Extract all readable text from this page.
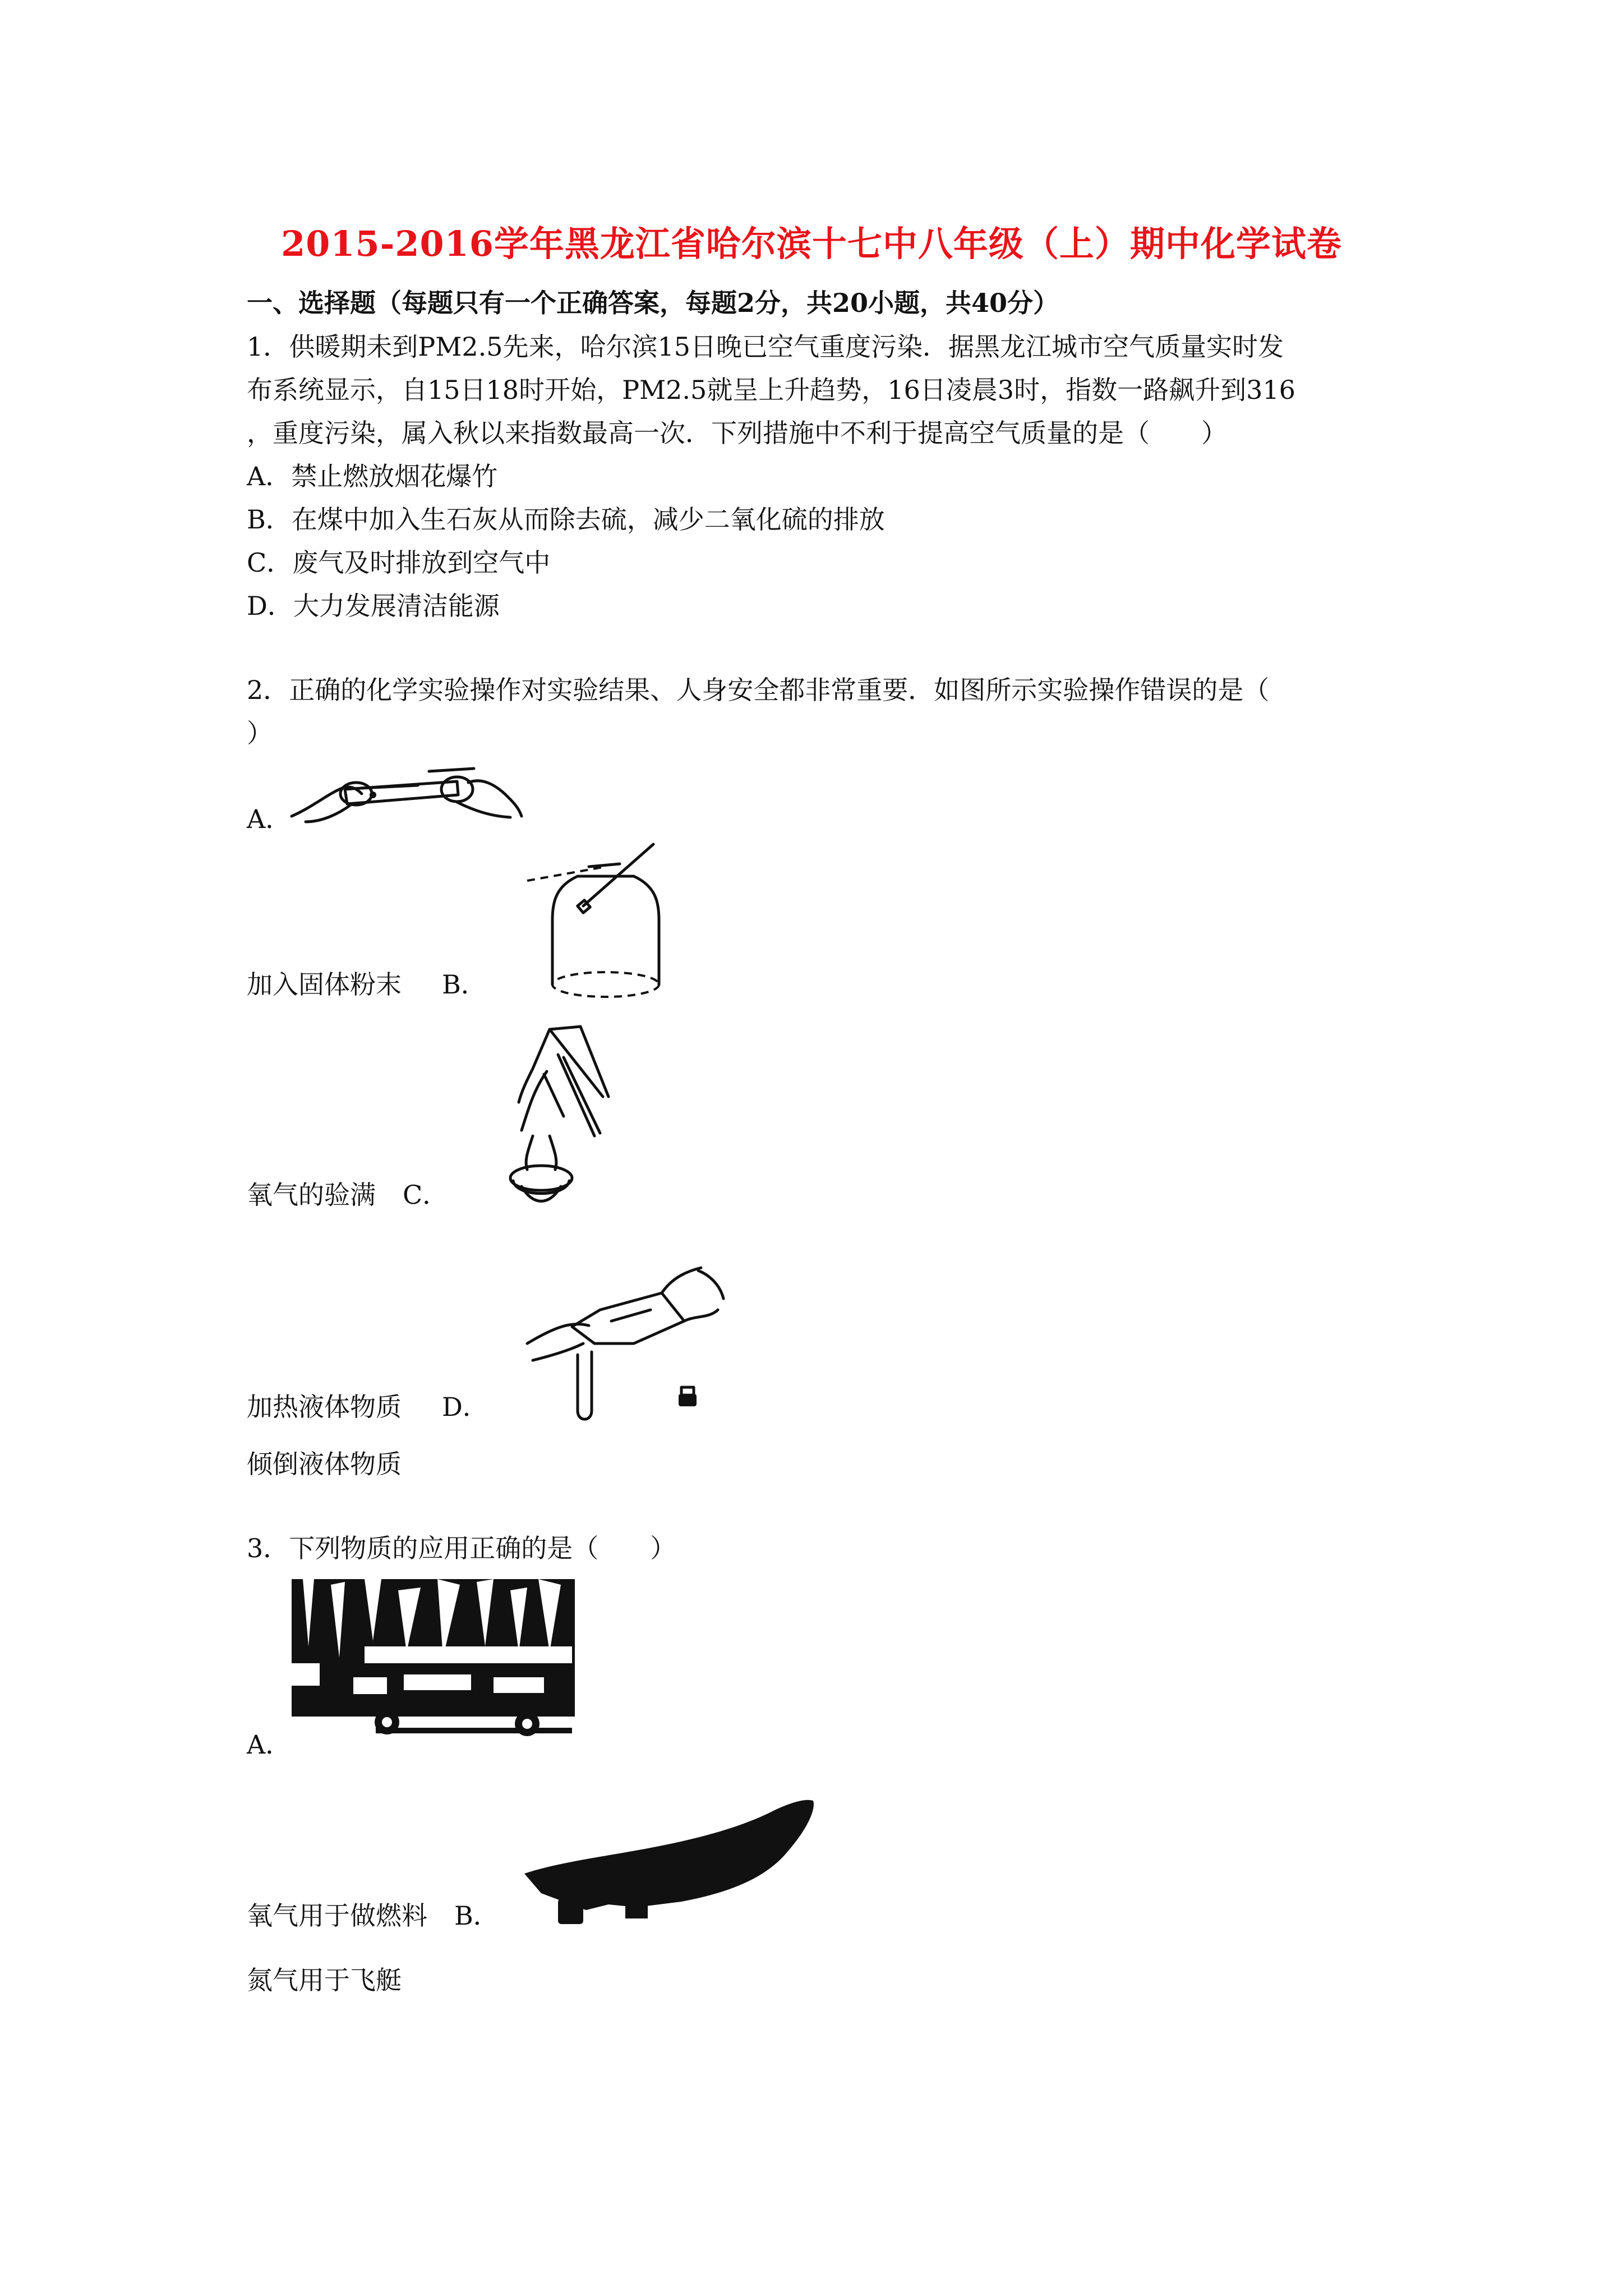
2015-2016学年黑龙江省哈尔滨十七中八年级（上）期中化学试卷
一、选择题（每题只有一个正确答案，每题2分，共20小题，共40分）
1．供暖期未到PM2.5先来，哈尔滨15日晚已空气重度污染．据黑龙江城市空气质量实时发
布系统显示，自15日18时开始，PM2.5就呈上升趋势，16日凌晨3时，指数一路飙升到316
，重度污染，属入秋以来指数最高一次．下列措施中不利于提高空气质量的是（　　）
A．禁止燃放烟花爆竹
B．在煤中加入生石灰从而除去硫，减少二氧化硫的排放
C．废气及时排放到空气中
D．大力发展清洁能源
2．正确的化学实验操作对实验结果、人身安全都非常重要．如图所示实验操作错误的是（
）
A．
加入固体粉末 B．
氧气的验满 C．
加热液体物质 D．
倾倒液体物质
3．下列物质的应用正确的是（　　）
A．
氧气用于做燃料 B．
氮气用于飞艇
